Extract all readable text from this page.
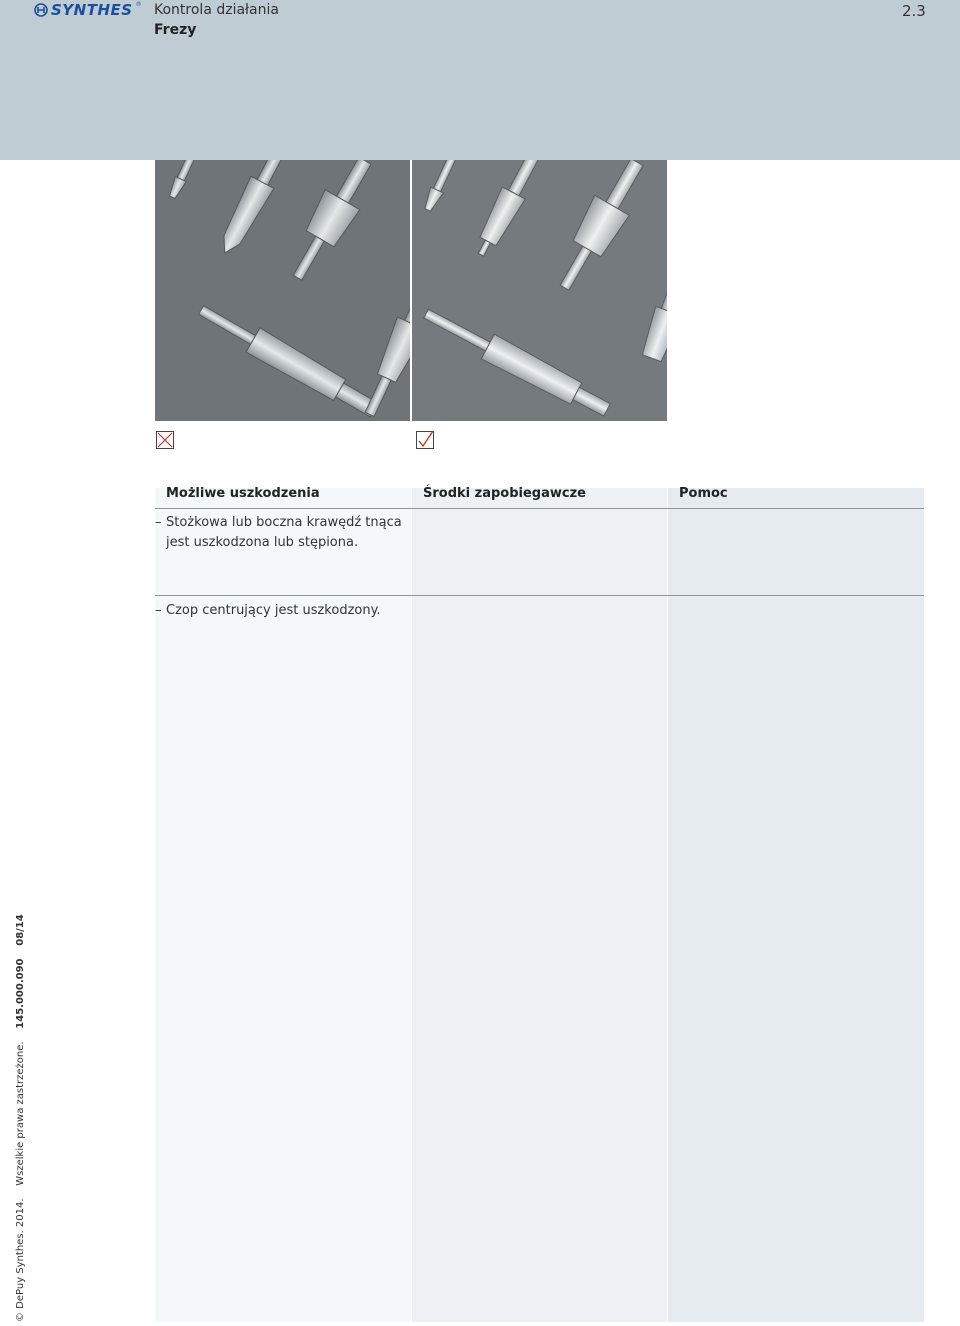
SYNTHES ® Kontrola działania
Frezy
2.3
Możliwe uszkodzenia	Środki zapobiegawcze	Pomoc
– Stożkowa lub boczna krawędź tnąca
jest uszkodzona lub stępiona.
– Czop centrujący jest uszkodzony.
© DePuy Synthes. 2014.    Wszelkie prawa zastrzeżone.    145.000.090    08/14
